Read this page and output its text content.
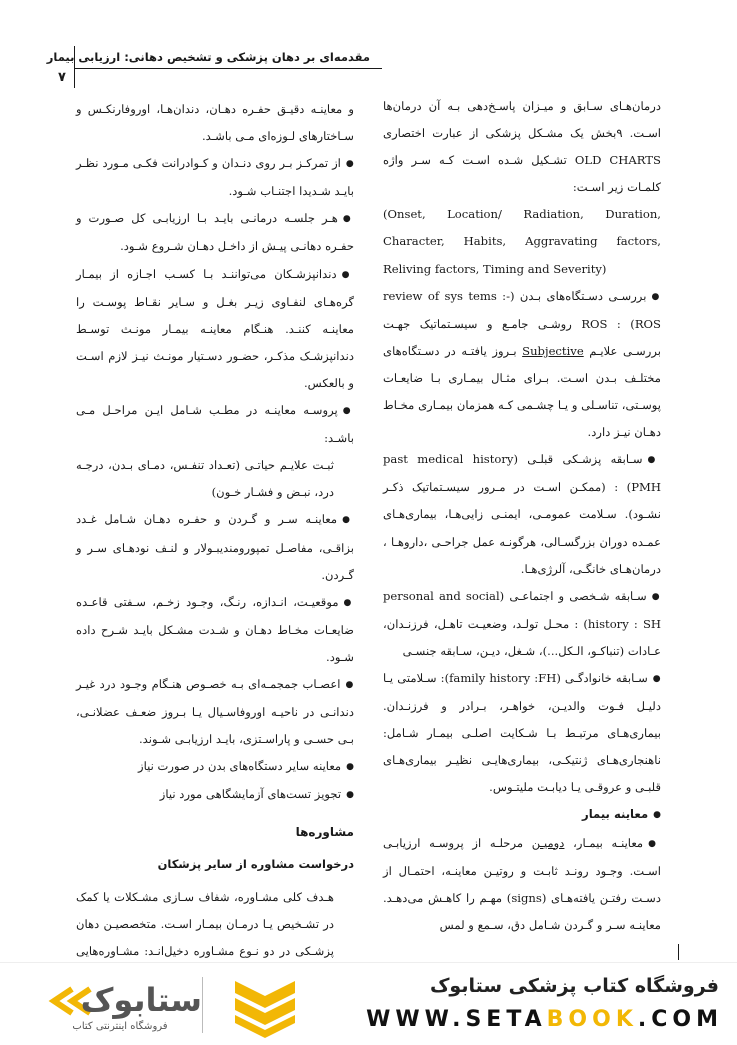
مقدمه‌ای بر دهان پزشکی و تشخیص دهانی: ارزیابی بیمار
۷

درمان‌هـای سـابق و میـزان پاسـخ‌دهی بـه آن درمان‌ها اسـت. ۹بخش یک مشـکل پزشکی از عبارت اختصاری OLD CHARTS تشـکیل شـده اسـت کـه سـر واژه کلمـات زیر اسـت:

(Onset, Location/ Radiation, Duration, Character, Habits, Aggravating factors, Reliving factors, Timing and Severity)

● بررسـی دسـتگاه‌های بـدن (-review of sys tems : ROS) : ROS روشـی جامـع و سیسـتماتیک جهـت بررسـی علایـم Subjective بـروز یافتـه در دسـتگاه‌های مختلـف بـدن اسـت. بـرای مثـال بیمـاری بـا ضایعـات پوسـتی، تناسـلی و یـا چشـمی کـه همزمان بیمـاری مخـاط دهـان نیـز دارد.
● سـابقه پزشـکی قبلـی (past medical history PMH) : (ممکـن اسـت در مـرور سیسـتماتیک ذکـر نشـود). سـلامت عمومـی، ایمنـی زایی‌هـا، بیماری‌هـای عمـده دوران بزرگسـالی، هرگونـه عمل جراحـی ،داروهـا ، درمان‌هـای خانگـی، آلرژی‌هـا.
● سـابقه شـخصی و اجتماعـی (personal and social history : SH) : محـل تولـد، وضعیـت تاهـل، فرزنـدان، عـادات (تنباکـو، الـکل...)، شـغل، دیـن، سـابقه جنسـی
● سـابقه خانوادگـی (family history :FH): سـلامتی یـا دلیـل فـوت والدیـن، خواهـر، بـرادر و فرزنـدان. بیماری‌هـای مرتبـط بـا شـکایت اصلـی بیمـار شـامل: ناهنجاری‌هـای ژنتیکـی، بیماری‌هایـی نظیـر بیماری‌هـای قلبـی و عروقـی یـا دیابـت ملیتـوس.
● معاینه بیمار
● معاینـه بیمـار، دومیـن مرحلـه از پروسـه ارزیابـی اسـت. وجـود رونـد ثابـت و روتیـن معاینـه، احتمـال از دسـت رفتـن یافته‌هـای (signs) مهـم را کاهـش می‌دهـد. معاینـه سـر و گـردن شـامل دق، سـمع و لمس

و معاینـه دقیـق حفـره دهـان، دندان‌هـا، اوروفارنکـس و سـاختارهای لـوزه‌ای مـی باشـد.

● از تمرکـز بـر روی دنـدان و کـوادرانت فکـی مـورد نظـر بایـد شـدیدا اجتنـاب شـود.
● هـر جلسـه درمانـی بایـد بـا ارزیابـی کل صـورت و حفـره دهانـی پیـش از داخـل دهـان شـروع شـود.
● دندانپزشـکان می‌تواننـد بـا کسـب اجـازه از بیمـار گره‌هـای لنفـاوی زیـر بغـل و سـایر نقـاط پوسـت را معاینـه کننـد. هنـگام معاینـه بیمـار مونـث توسـط دندانپزشـک مذکـر، حضـور دسـتیار مونـث نیـز لازم اسـت و بالعکس.
● پروسـه معاینـه در مطـب شـامل ایـن مراحـل مـی باشـد:

ثبـت علایـم حیاتـی (تعـداد تنفـس، دمـای بـدن، درجـه درد، نبـض و فشـار خـون)

● معاینـه سـر و گـردن و حفـره دهـان شـامل غـدد بزاقـی، مفاصـل تمپورومندیبـولار و لنـف نودهـای سـر و گـردن.
● موقعیـت، انـدازه، رنـگ، وجـود زخـم، سـفتی قاعـده ضایعـات مخـاط دهـان و شـدت مشـکل بایـد شـرح داده شـود.
● اعصـاب جمجمـه‌ای بـه خصـوص هنـگام وجـود درد غیـر دندانـی در ناحیـه اوروفاسـیال یـا بـروز ضعـف عضلانـی، بـی حسـی و پاراسـتزی، بایـد ارزیابـی شـوند.
● معاینه سایر دستگاه‌های بدن در صورت نیاز
● تجویز تست‌های آزمایشگاهی مورد نیاز

مشاوره‌ها

درخواست مشاوره از سایر پزشکان

هـدف کلی مشـاوره، شفاف سـازی مشـکلات یا کمک در تشـخیص یـا درمـان بیمـار اسـت. متخصصیـن دهان پزشـکی در دو نـوع مشـاوره دخیل‌انـد: مشـاوره‌هایی

فروشگاه کتاب پزشکی ستابوک
WWW.SETABOOK.COM
ستابوک
فروشگاه اینترنتی کتاب
